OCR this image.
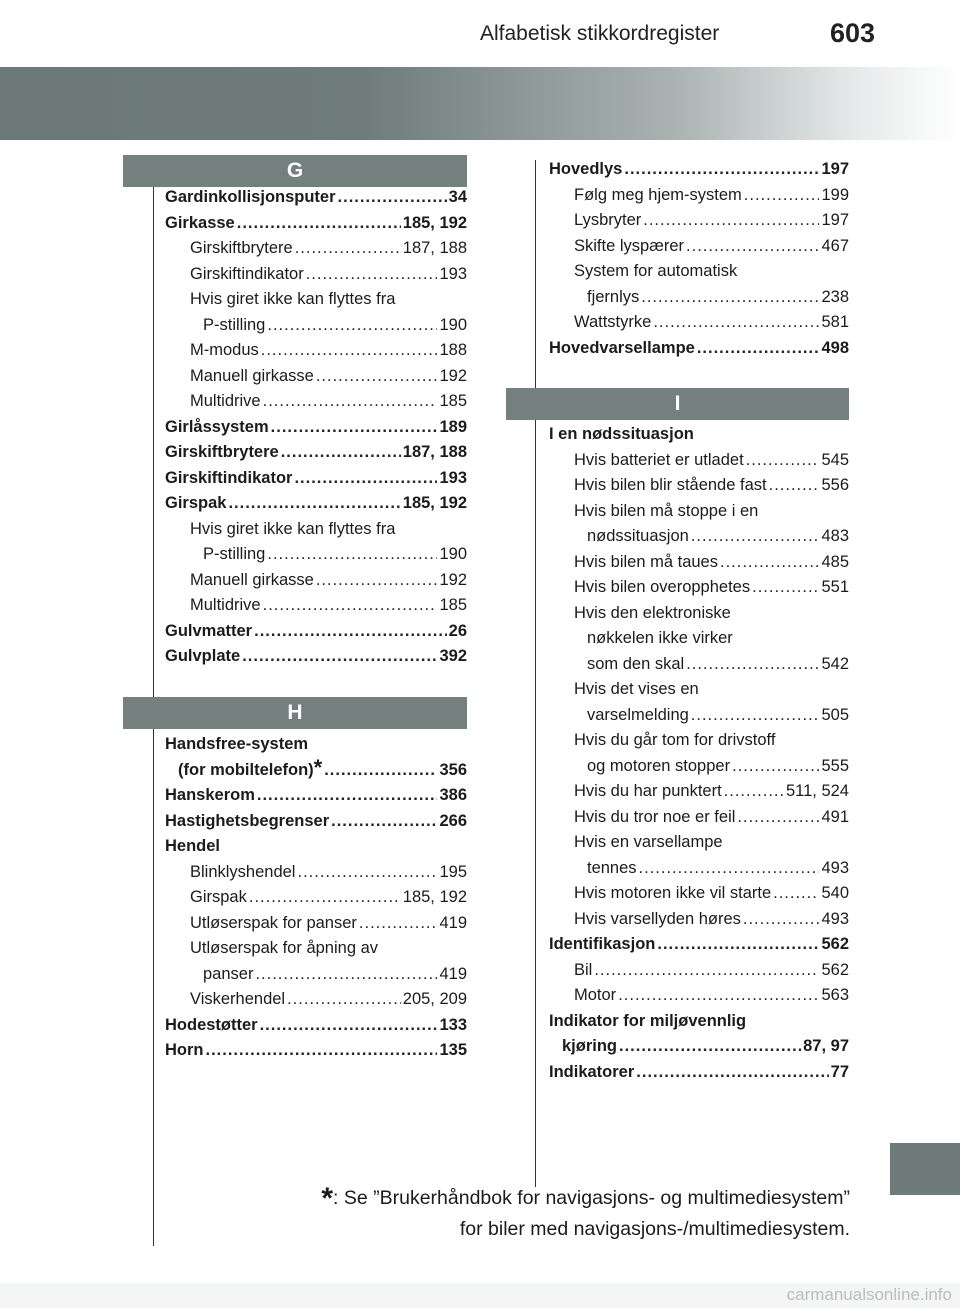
Alfabetisk stikkordregister	603
G
Gardinkollisjonsputer .....	34
Girkasse .....	185, 192
Girskiftbrytere .....	187, 188
Girskiftindikator .....	193
Hvis giret ikke kan flyttes fra
P-stilling .....	190
M-modus .....	188
Manuell girkasse .....	192
Multidrive .....	185
Girlåssystem .....	189
Girskiftbrytere .....	187, 188
Girskiftindikator .....	193
Girspak .....	185, 192
Hvis giret ikke kan flyttes fra
P-stilling .....	190
Manuell girkasse .....	192
Multidrive .....	185
Gulvmatter .....	26
Gulvplate .....	392
H
Handsfree-system
(for mobiltelefon) * .....	356
Hanskerom .....	386
Hastighetsbegrenser .....	266
Hendel
Blinklyshendel .....	195
Girspak .....	185, 192
Utløserspak for panser .....	419
Utløserspak for åpning av
panser .....	419
Viskerhendel .....	205, 209
Hodestøtter .....	133
Horn .....	135
Hovedlys .....	197
Følg meg hjem-system .....	199
Lysbryter .....	197
Skifte lyspærer .....	467
System for automatisk
fjernlys .....	238
Wattstyrke .....	581
Hovedvarsellampe .....	498
I
I en nødssituasjon
Hvis batteriet er utladet .....	545
Hvis bilen blir stående fast .....	556
Hvis bilen må stoppe i en
nødssituasjon .....	483
Hvis bilen må taues .....	485
Hvis bilen overopphetes .....	551
Hvis den elektroniske
nøkkelen ikke virker
som den skal .....	542
Hvis det vises en
varselmelding .....	505
Hvis du går tom for drivstoff
og motoren stopper .....	555
Hvis du har punktert .....	511, 524
Hvis du tror noe er feil .....	491
Hvis en varsellampe
tennes .....	493
Hvis motoren ikke vil starte .....	540
Hvis varsellyden høres .....	493
Identifikasjon .....	562
Bil .....	562
Motor .....	563
Indikator for miljøvennlig
kjøring .....	87, 97
Indikatorer .....	77
*: Se ”Brukerhåndbok for navigasjons- og multimediesystem”
for biler med navigasjons-/multimediesystem.
carmanualsonline.info
